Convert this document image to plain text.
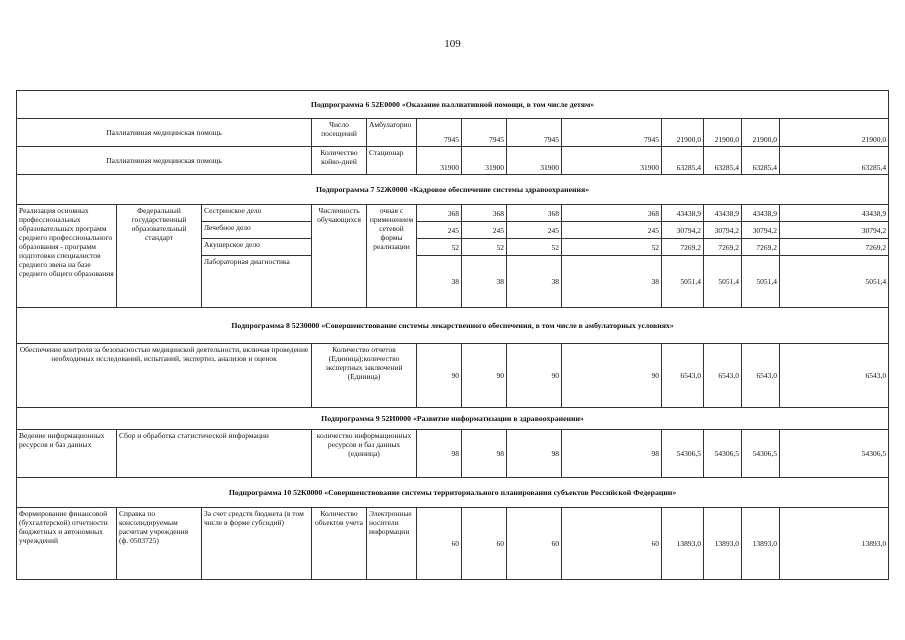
109
Подпрограмма 6 52Е0000 «Оказание паллиативной помощи, в том числе детям»												
Паллиативная медицинская помощь			Число посещений	Амбулаторио	7945	7945	7945	7945	21900,0	21900,0	21900,0	21900,0
Паллиативная медицинская помощь			Количество койко-дней	Стационар	31900	31900	31900	31900	63285,4	63285,4	63285,4	63285,4
Подпрограмма 7 52Ж0000 «Кадровое обеспечение системы здравоохранения»												
Реализация основных профессиональных образовательных программ среднего профессионального образования - программ подготовки специалистов среднего звена на базе среднего общего образования	Федеральный государственный образовательный стандарт	Сестринское дело	Численность обучающихся	очная с применением сетевой формы реализации	368	368	368	368	43438,9	43438,9	43438,9	43438,9
		Лечебное дело			245	245	245	245	30794,2	30794,2	30794,2	30794,2
		Акушерское дело			52	52	52	52	7269,2	7269,2	7269,2	7269,2
		Лабораторная диагностика			38	38	38	38	5051,4	5051,4	5051,4	5051,4
Подпрограмма 8 52З0000 «Совершенствование системы лекарственного обеспечения, в том числе в амбулаторных условиях»												
Обеспечение контроля за безопасностью медицинской деятельности, включая проведение необходимых исследований, испытаний, экспертиз, анализов и оценок			Количество отчетов (Единица);количество экспертных заключений (Единица)		90	90	90	90	6543,0	6543,0	6543,0	6543,0
Подпрограмма 9 52И0000 «Развитие информатизации в здравоохранении»												
Ведение информационных ресурсов и баз данных	Сбор и обработка статистической информации		количество информационных ресурсов и баз данных (единица)		98	98	98	98	54306,5	54306,5	54306,5	54306,5
Подпрограмма 10 52К0000 «Совершенствование системы территориального планирования субъектов Российской Федерации»												
Формирование финансовой (бухгалтерской) отчетности бюджетных и автономных учреждений	Справка по консолидируемым расчетам учреждения (ф. 0503725)	За счет средств бюджета (в том числе в форме субсидий)	Количество объектов учета	Электронные носители информации	60	60	60	60	13893,0	13893,0	13893,0	13893,0
